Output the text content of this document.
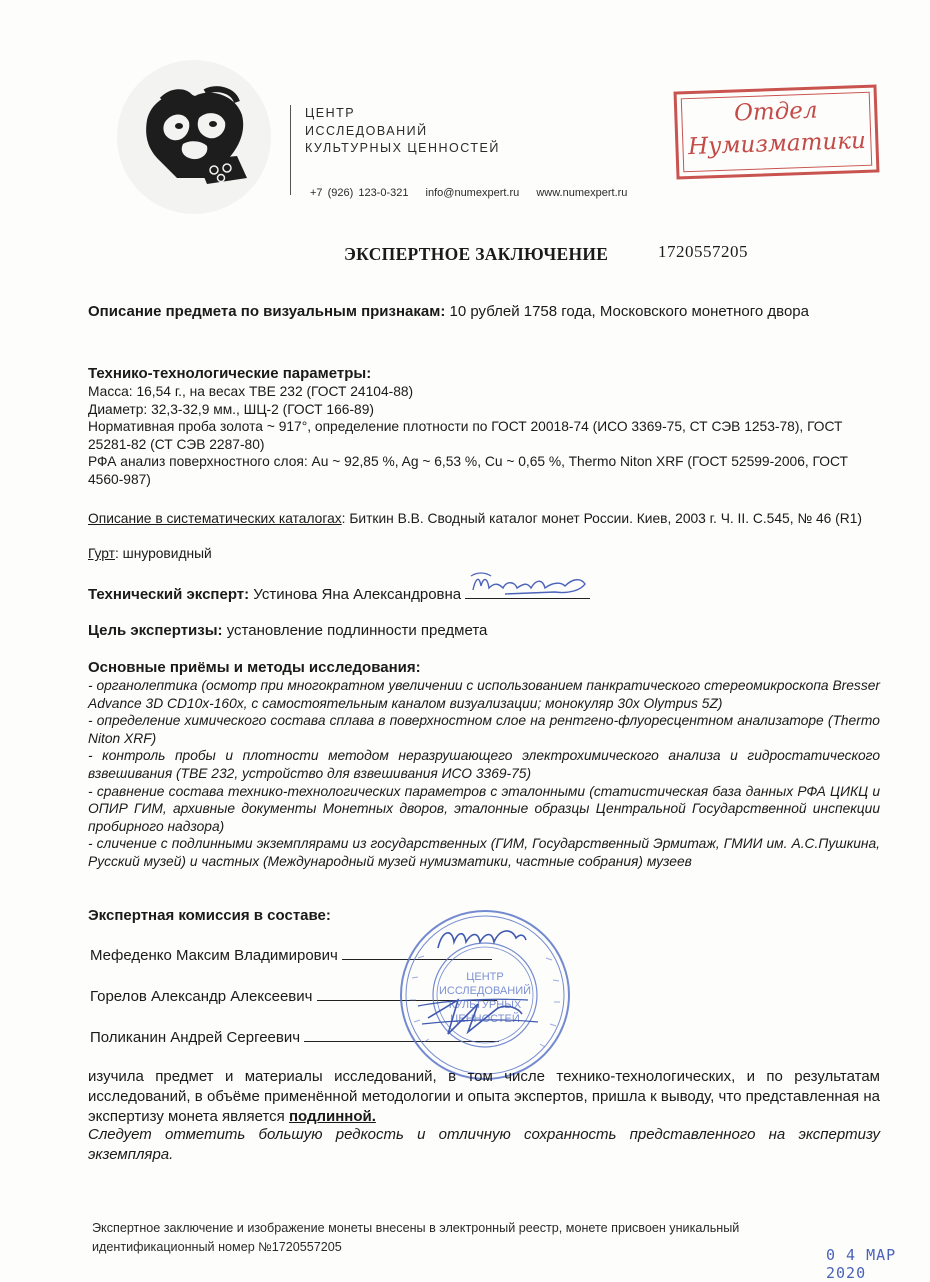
ЦЕНТР
ИССЛЕДОВАНИЙ
КУЛЬТУРНЫХ ЦЕННОСТЕЙ
+7 (926) 123-0-321 info@numexpert.ru www.numexpert.ru
Отдел
Нумизматики
ЭКСПЕРТНОЕ ЗАКЛЮЧЕНИЕ	1720557205
Описание предмета по визуальным признакам: 10 рублей 1758 года, Московского монетного двора
Технико-технологические параметры:
Масса: 16,54 г., на весах ТВЕ 232 (ГОСТ 24104-88)
Диаметр: 32,3-32,9 мм., ШЦ-2 (ГОСТ 166-89)
Нормативная проба золота ~ 917°, определение плотности по ГОСТ 20018-74 (ИСО 3369-75, СТ СЭВ 1253-78), ГОСТ 25281-82 (СТ СЭВ 2287-80)
РФА анализ поверхностного слоя: Au ~ 92,85 %, Ag ~ 6,53 %, Cu ~ 0,65 %, Thermo Niton XRF (ГОСТ 52599-2006, ГОСТ 4560-987)
Описание в систематических каталогах: Биткин В.В. Сводный каталог монет России. Киев, 2003 г. Ч. II. С.545, № 46 (R1)
Гурт: шнуровидный
Технический эксперт: Устинова Яна Александровна
Цель экспертизы: установление подлинности предмета
Основные приёмы и методы исследования:
- органолептика (осмотр при многократном увеличении с использованием панкратического стереомикроскопа Bresser Advance 3D CD10x-160x, с самостоятельным каналом визуализации; монокуляр 30x Olympus 5Z)
- определение химического состава сплава в поверхностном слое на рентгено-флуоресцентном анализаторе (Thermo Niton XRF)
- контроль пробы и плотности методом неразрушающего электрохимического анализа и гидростатического взвешивания (ТВЕ 232, устройство для взвешивания ИСО 3369-75)
- сравнение состава технико-технологических параметров с эталонными (статистическая база данных РФА ЦИКЦ и ОПИР ГИМ, архивные документы Монетных дворов, эталонные образцы Центральной Государственной инспекции пробирного надзора)
- сличение с подлинными экземплярами из государственных (ГИМ, Государственный Эрмитаж, ГМИИ им. А.С.Пушкина, Русский музей) и частных (Международный музей нумизматики, частные собрания) музеев
Экспертная комиссия в составе:
Мефеденко Максим Владимирович
Горелов Александр Алексеевич
Поликанин Андрей Сергеевич
ЦЕНТР
ИССЛЕДОВАНИЙ
КУЛЬТУРНЫХ
ЦЕННОСТЕЙ
изучила предмет и материалы исследований, в том числе технико-технологических, и по результатам исследований, в объёме применённой методологии и опыта экспертов, пришла к выводу, что представленная на экспертизу монета является подлинной.
Следует отметить большую редкость и отличную сохранность представленного на экспертизу экземпляра.
Экспертное заключение и изображение монеты внесены в электронный реестр, монете присвоен уникальный
идентификационный номер №1720557205	0 4 МАР 2020
